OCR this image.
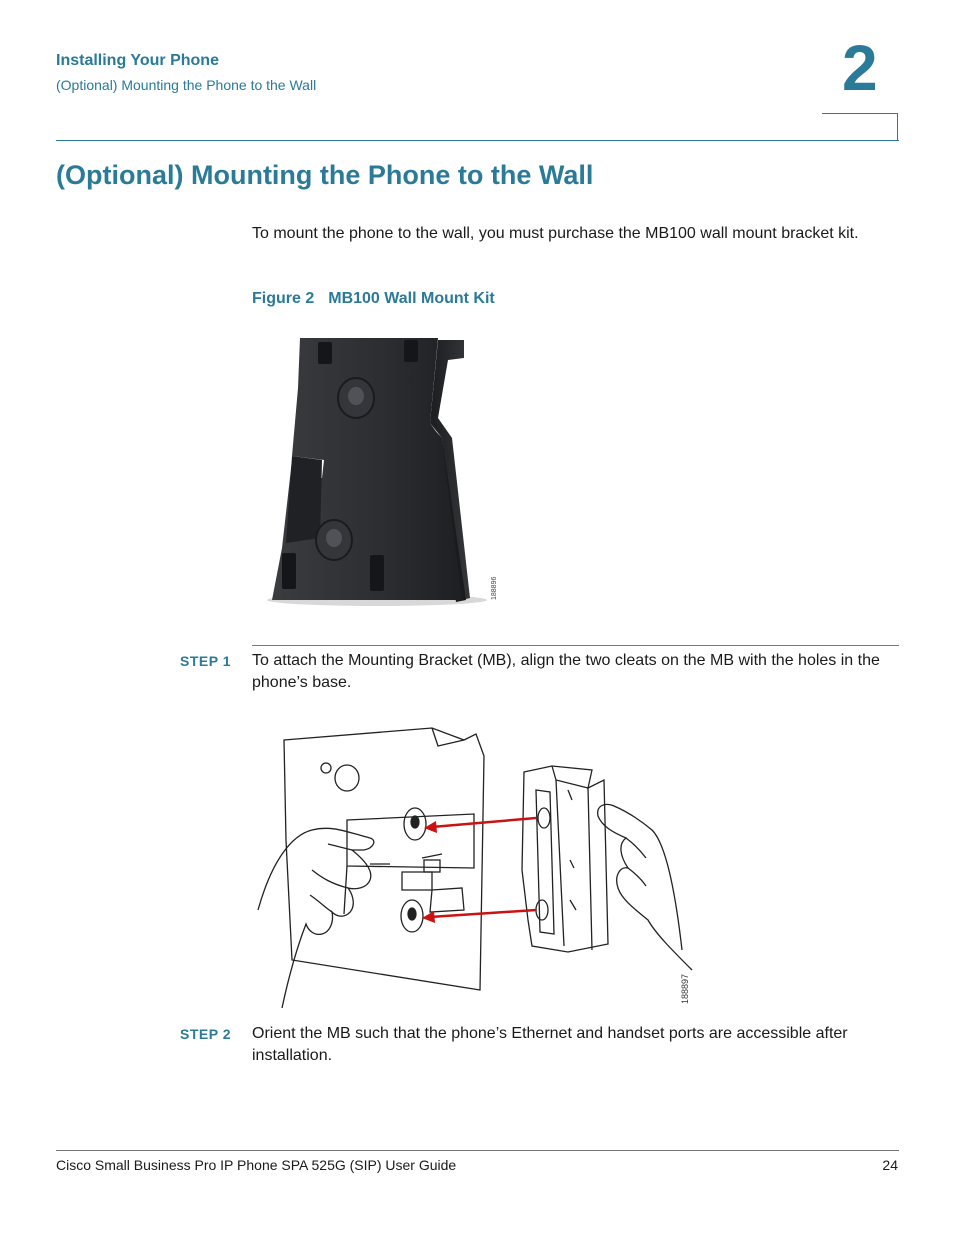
Installing Your Phone
(Optional) Mounting the Phone to the Wall	2
(Optional) Mounting the Phone to the Wall
To mount the phone to the wall, you must purchase the MB100 wall mount bracket kit.
Figure 2 MB100 Wall Mount Kit
188896
STEP 1 To attach the Mounting Bracket (MB), align the two cleats on the MB with the holes in the phone’s base.
188897
STEP 2 Orient the MB such that the phone’s Ethernet and handset ports are accessible after installation.
Cisco Small Business Pro IP Phone SPA 525G (SIP) User Guide	24
